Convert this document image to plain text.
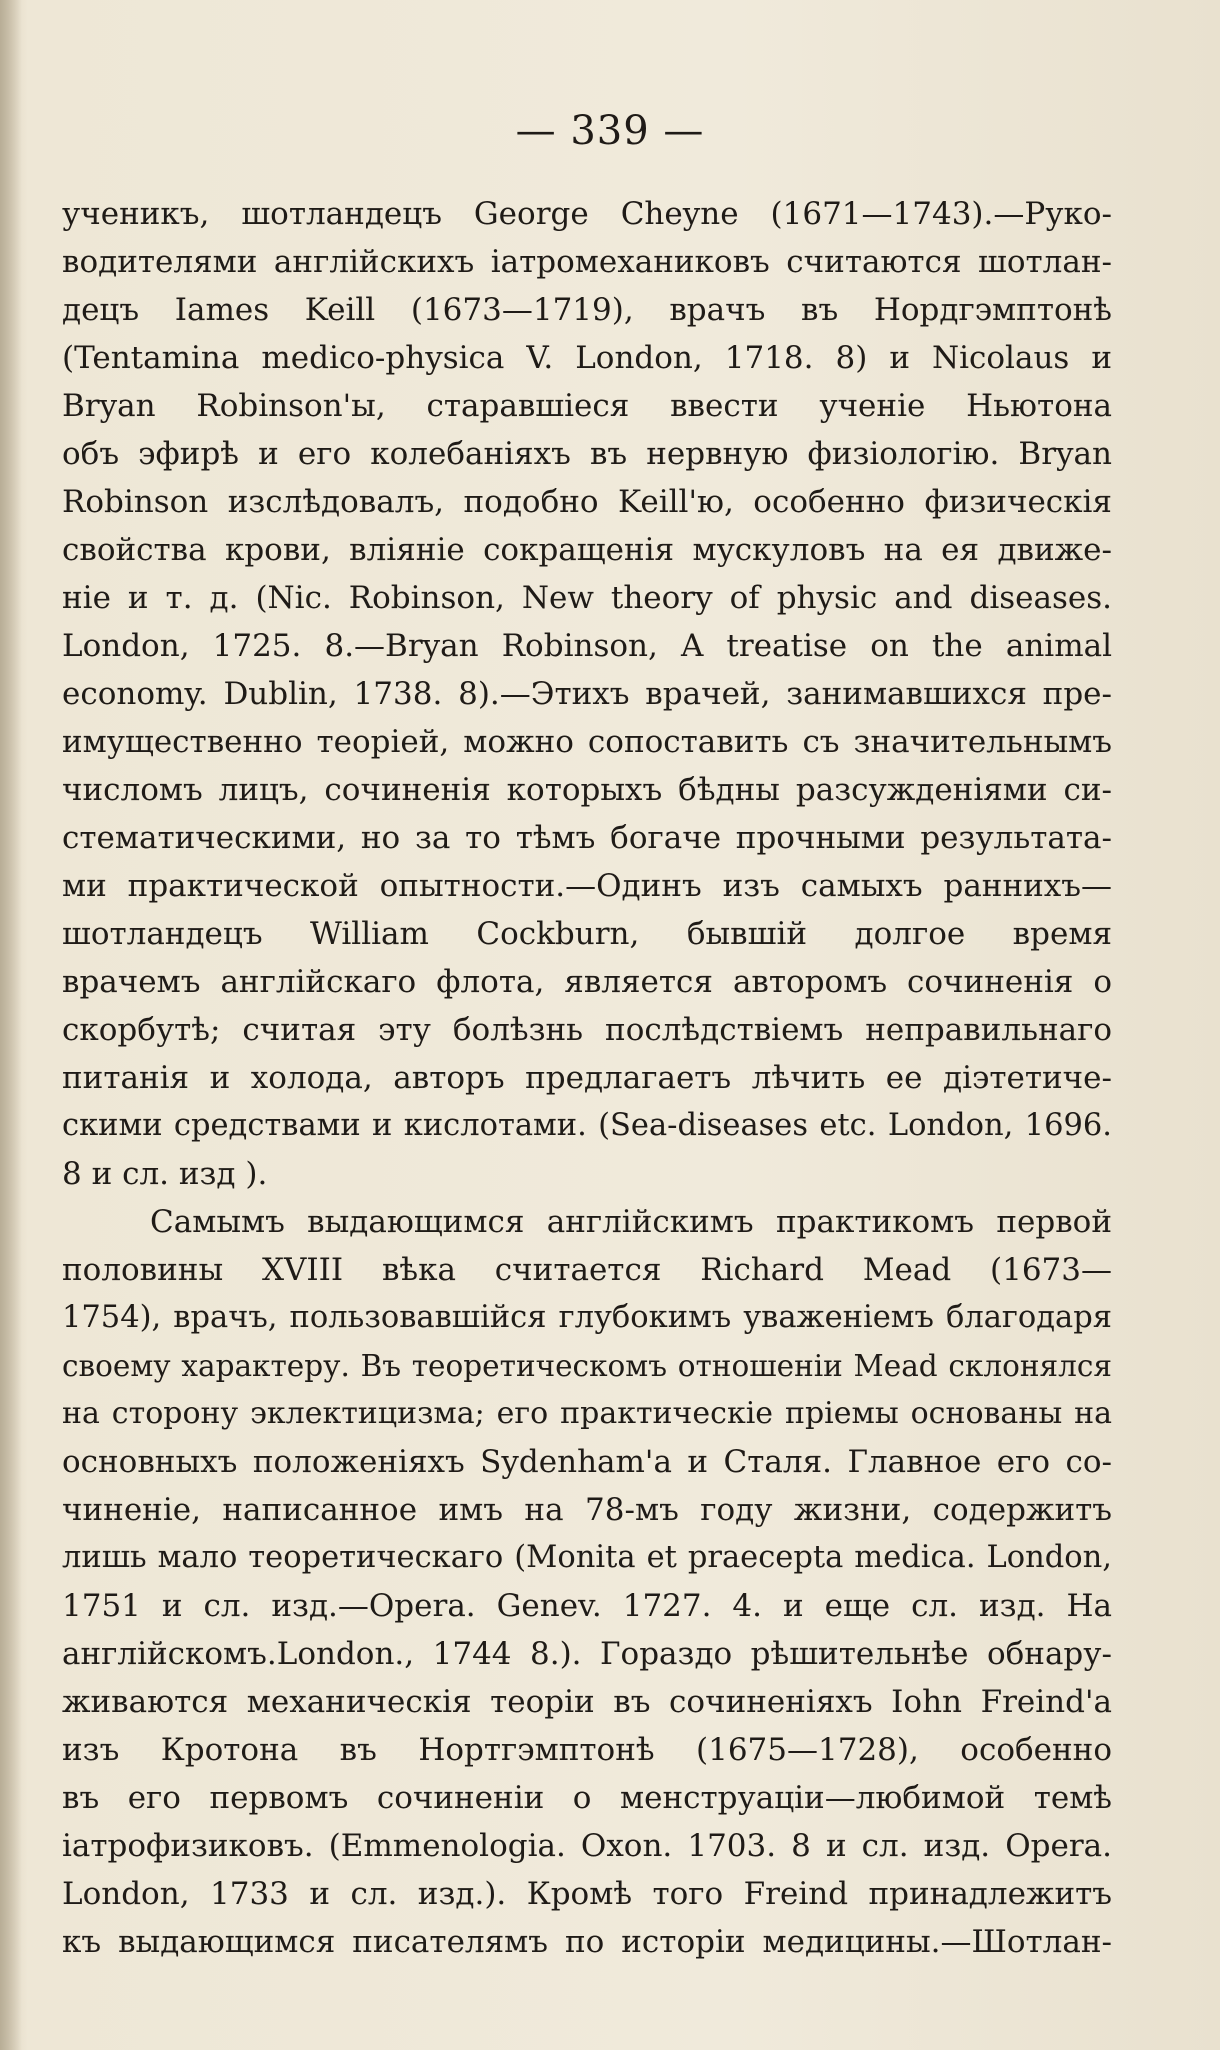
— 339 —
ученикъ, шотландецъ George Cheyne (1671—1743).—Руко-
водителями англійскихъ іатромеханиковъ считаются шотлан-
децъ Iames Keill (1673—1719), врачъ въ Нордгэмптонѣ
(Tentamina medico-physica V. London, 1718. 8) и Nicolaus и
Bryan Robinson'ы, старавшіеся ввести ученіе Ньютона
объ эфирѣ и его колебаніяхъ въ нервную физіологію. Bryan
Robinson изслѣдовалъ, подобно Keill'ю, особенно физическія
свойства крови, вліяніе сокращенія мускуловъ на ея движе-
ніе и т. д. (Nic. Robinson, New theory of physic and diseases.
London, 1725. 8.—Bryan Robinson, A treatise on the animal
economy. Dublin, 1738. 8).—Этихъ врачей, занимавшихся пре-
имущественно теоріей, можно сопоставить съ значительнымъ
числомъ лицъ, сочиненія которыхъ бѣдны разсужденіями си-
стематическими, но за то тѣмъ богаче прочными результата-
ми практической опытности.—Одинъ изъ самыхъ раннихъ—
шотландецъ William Cockburn, бывшій долгое время
врачемъ англійскаго флота, является авторомъ сочиненія о
скорбутѣ; считая эту болѣзнь послѣдствіемъ неправильнаго
питанія и холода, авторъ предлагаетъ лѣчить ее діэтетиче-
скими средствами и кислотами. (Sea-diseases etc. London, 1696.
8 и сл. изд ).
Самымъ выдающимся англійскимъ практикомъ первой
половины XVIII вѣка считается Richard Mead (1673—
1754), врачъ, пользовавшійся глубокимъ уваженіемъ благодаря
своему характеру. Въ теоретическомъ отношеніи Mead склонялся
на сторону эклектицизма; его практическіе пріемы основаны на
основныхъ положеніяхъ Sydenham'a и Сталя. Главное его со-
чиненіе, написанное имъ на 78-мъ году жизни, содержитъ
лишь мало теоретическаго (Monita et praecepta medica. London,
1751 и сл. изд.—Opera. Genev. 1727. 4. и еще сл. изд. На
англійскомъ.London., 1744 8.). Гораздо рѣшительнѣе обнару-
живаются механическія теоріи въ сочиненіяхъ Iohn Freind'a
изъ Кротона въ Нортгэмптонѣ (1675—1728), особенно
въ его первомъ сочиненіи о менструаціи—любимой темѣ
іатрофизиковъ. (Emmenologia. Oxon. 1703. 8 и сл. изд. Opera.
London, 1733 и сл. изд.). Кромѣ того Freind принадлежитъ
къ выдающимся писателямъ по исторіи медицины.—Шотлан-
